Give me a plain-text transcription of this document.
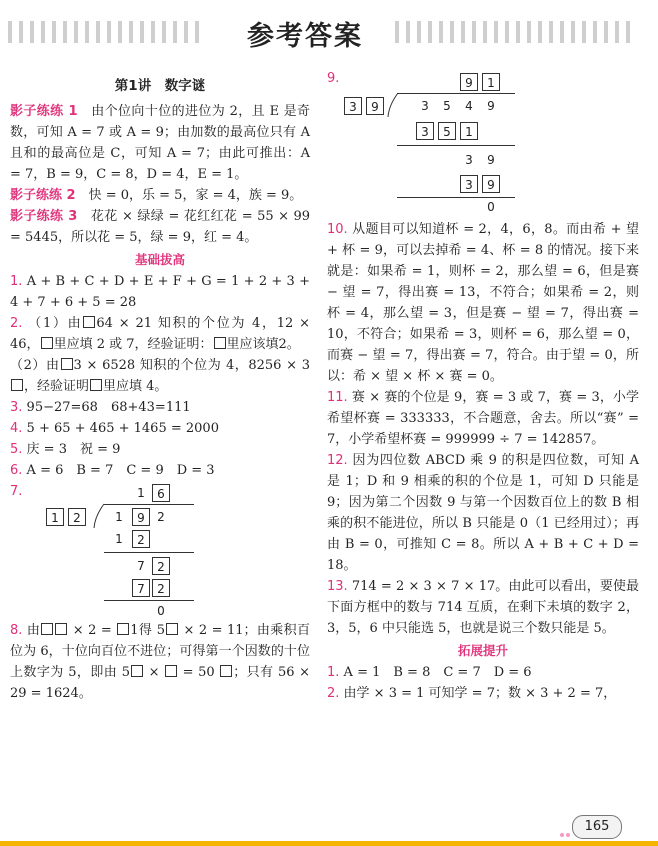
参考答案
第1讲　数字谜

影子练练 1　 由个位向十位的进位为 2，且 E 是奇数，可知 A = 7 或 A = 9；由加数的最高位只有 A 且和的最高位是 C，可知 A = 7；由此可推出：A = 7，B = 9，C = 8，D = 4，E = 1。

影子练练 2　 快 = 0，乐 = 5，家 = 4，族 = 9。

影子练练 3　 花花 × 绿绿 = 花红红花 = 55 × 99 = 5445，所以花 = 5，绿 = 9，红 = 4。

基础拔高

1. A + B + C + D + E + F + G = 1 + 2 + 3 + 4 + 7 + 6 + 5 = 28

2. （1）由 64 × 21 知积的个位为 4，12 × 46， 里应填 2 或 7，经验证明： 里应该填2。

（2）由 3 × 6528 知积的个位为 4，8256 × 3 ，经验证明 里应填 4。

3. 95−27=68　68+43=111

4. 5 + 65 + 465 + 1465 = 2000

5. 庆 = 3　祝 = 9

6. A = 6　B = 7　C = 9　D = 3

7.	1	6
1	2	1	9	2
1	2
7	2
7	2
0

8. 由 × 2 = 1得 5 × 2 = 11；由乘积百位为 6，十位向百位不进位；可得第一个因数的十位上数字为 5，即由 5 × = 50 ；只有 56 × 29 = 1624。

9.	9	1
3	9	3	5	4	9
3	5	1
3	9
3	9
0

10. 从题目可以知道杯 = 2，4，6，8。而由希 + 望 + 杯 = 9，可以去掉希 = 4、杯 = 8 的情况。接下来就是：如果希 = 1，则杯 = 2，那么望 = 6，但是赛 − 望 = 7，得出赛 = 13，不符合；如果希 = 2，则杯 = 4，那么望 = 3，但是赛 − 望 = 7，得出赛 = 10，不符合；如果希 = 3，则杯 = 6，那么望 = 0，而赛 − 望 = 7，得出赛 = 7，符合。由于望 = 0，所以：希 × 望 × 杯 × 赛 = 0。

11. 赛 × 赛的个位是 9，赛 = 3 或 7，赛 = 3，小学希望杯赛 = 333333，不合题意，舍去。所以“赛” = 7，小学希望杯赛 = 999999 ÷ 7 = 142857。

12. 因为四位数 ABCD 乘 9 的积是四位数，可知 A 是 1；D 和 9 相乘的积的个位是 1，可知 D 只能是 9；因为第二个因数 9 与第一个因数百位上的数 B 相乘的积不能进位，所以 B 只能是 0（1 已经用过）；再由 B = 0，可推知 C = 8。所以 A + B + C + D = 18。

13. 714 = 2 × 3 × 7 × 17。由此可以看出，要使最下面方框中的数与 714 互质，在剩下未填的数字 2，3，5，6 中只能选 5，也就是说三个数只能是 5。

拓展提升

1. A = 1　B = 8　C = 7　D = 6

2. 由学 × 3 = 1 可知学 = 7；数 × 3 + 2 = 7，

165
